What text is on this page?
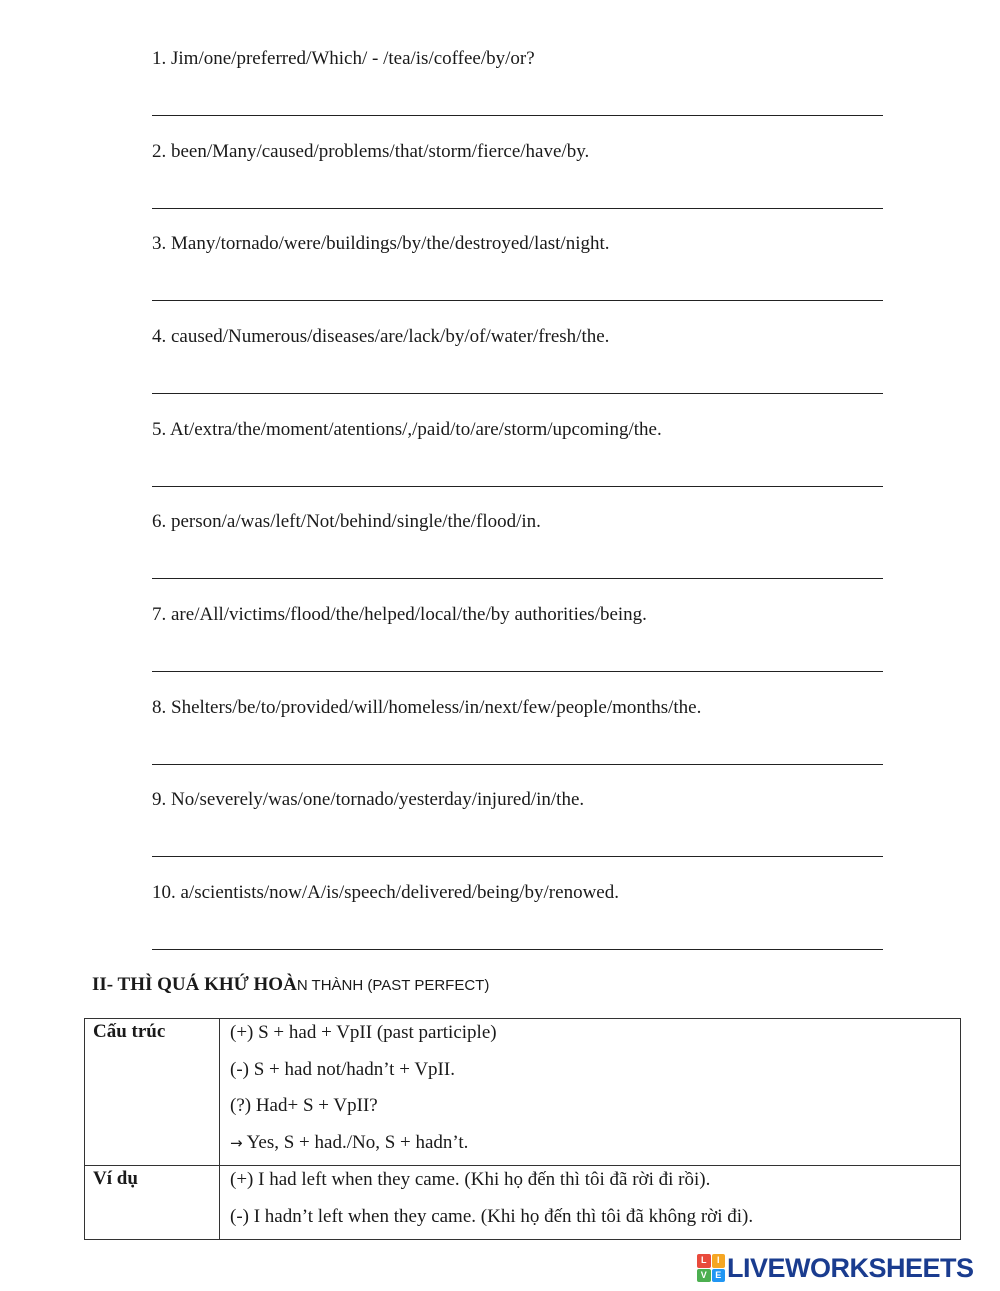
1. Jim/one/preferred/Which/ - /tea/is/coffee/by/or?
2. been/Many/caused/problems/that/storm/fierce/have/by.
3. Many/tornado/were/buildings/by/the/destroyed/last/night.
4. caused/Numerous/diseases/are/lack/by/of/water/fresh/the.
5. At/extra/the/moment/atentions/,/paid/to/are/storm/upcoming/the.
6. person/a/was/left/Not/behind/single/the/flood/in.
7. are/All/victims/flood/the/helped/local/the/by authorities/being.
8. Shelters/be/to/provided/will/homeless/in/next/few/people/months/the.
9. No/severely/was/one/tornado/yesterday/injured/in/the.
10. a/scientists/now/A/is/speech/delivered/being/by/renowed.
II- THÌ QUÁ KHỨ HOÀN THÀNH (PAST PERFECT)
Cấu trúc	(+) S + had + VpII (past participle)
(-) S + had not/hadn’t + VpII.
(?) Had+ S + VpII?
→ Yes, S + had./No, S + hadn’t.

Ví dụ	(+) I had left when they came. (Khi họ đến thì tôi đã rời đi rồi).
(-) I hadn’t left when they came. (Khi họ đến thì tôi đã không rời đi).
L	I
V E LIVEWORKSHEETS
